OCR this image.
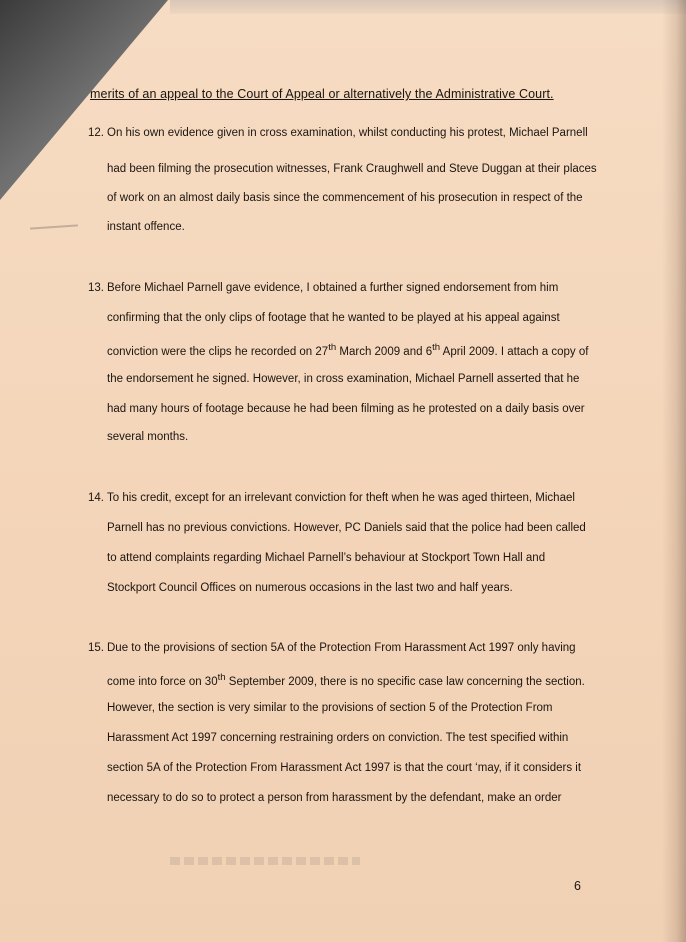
merits of an appeal to the Court of Appeal or alternatively the Administrative Court.
12. On his own evidence given in cross examination, whilst conducting his protest, Michael Parnell
had been filming the prosecution witnesses, Frank Craughwell and Steve Duggan at their places
of work on an almost daily basis since the commencement of his prosecution in respect of the
instant offence.
13. Before Michael Parnell gave evidence, I obtained a further signed endorsement from him
confirming that the only clips of footage that he wanted to be played at his appeal against
conviction were the clips he recorded on 27th March 2009 and 6th April 2009. I attach a copy of
the endorsement he signed. However, in cross examination, Michael Parnell asserted that he
had many hours of footage because he had been filming as he protested on a daily basis over
several months.
14. To his credit, except for an irrelevant conviction for theft when he was aged thirteen, Michael
Parnell has no previous convictions. However, PC Daniels said that the police had been called
to attend complaints regarding Michael Parnell’s behaviour at Stockport Town Hall and
Stockport Council Offices on numerous occasions in the last two and half years.
15. Due to the provisions of section 5A of the Protection From Harassment Act 1997 only having
come into force on 30th September 2009, there is no specific case law concerning the section.
However, the section is very similar to the provisions of section 5 of the Protection From
Harassment Act 1997 concerning restraining orders on conviction. The test specified within
section 5A of the Protection From Harassment Act 1997 is that the court ‘may, if it considers it
necessary to do so to protect a person from harassment by the defendant, make an order
6
